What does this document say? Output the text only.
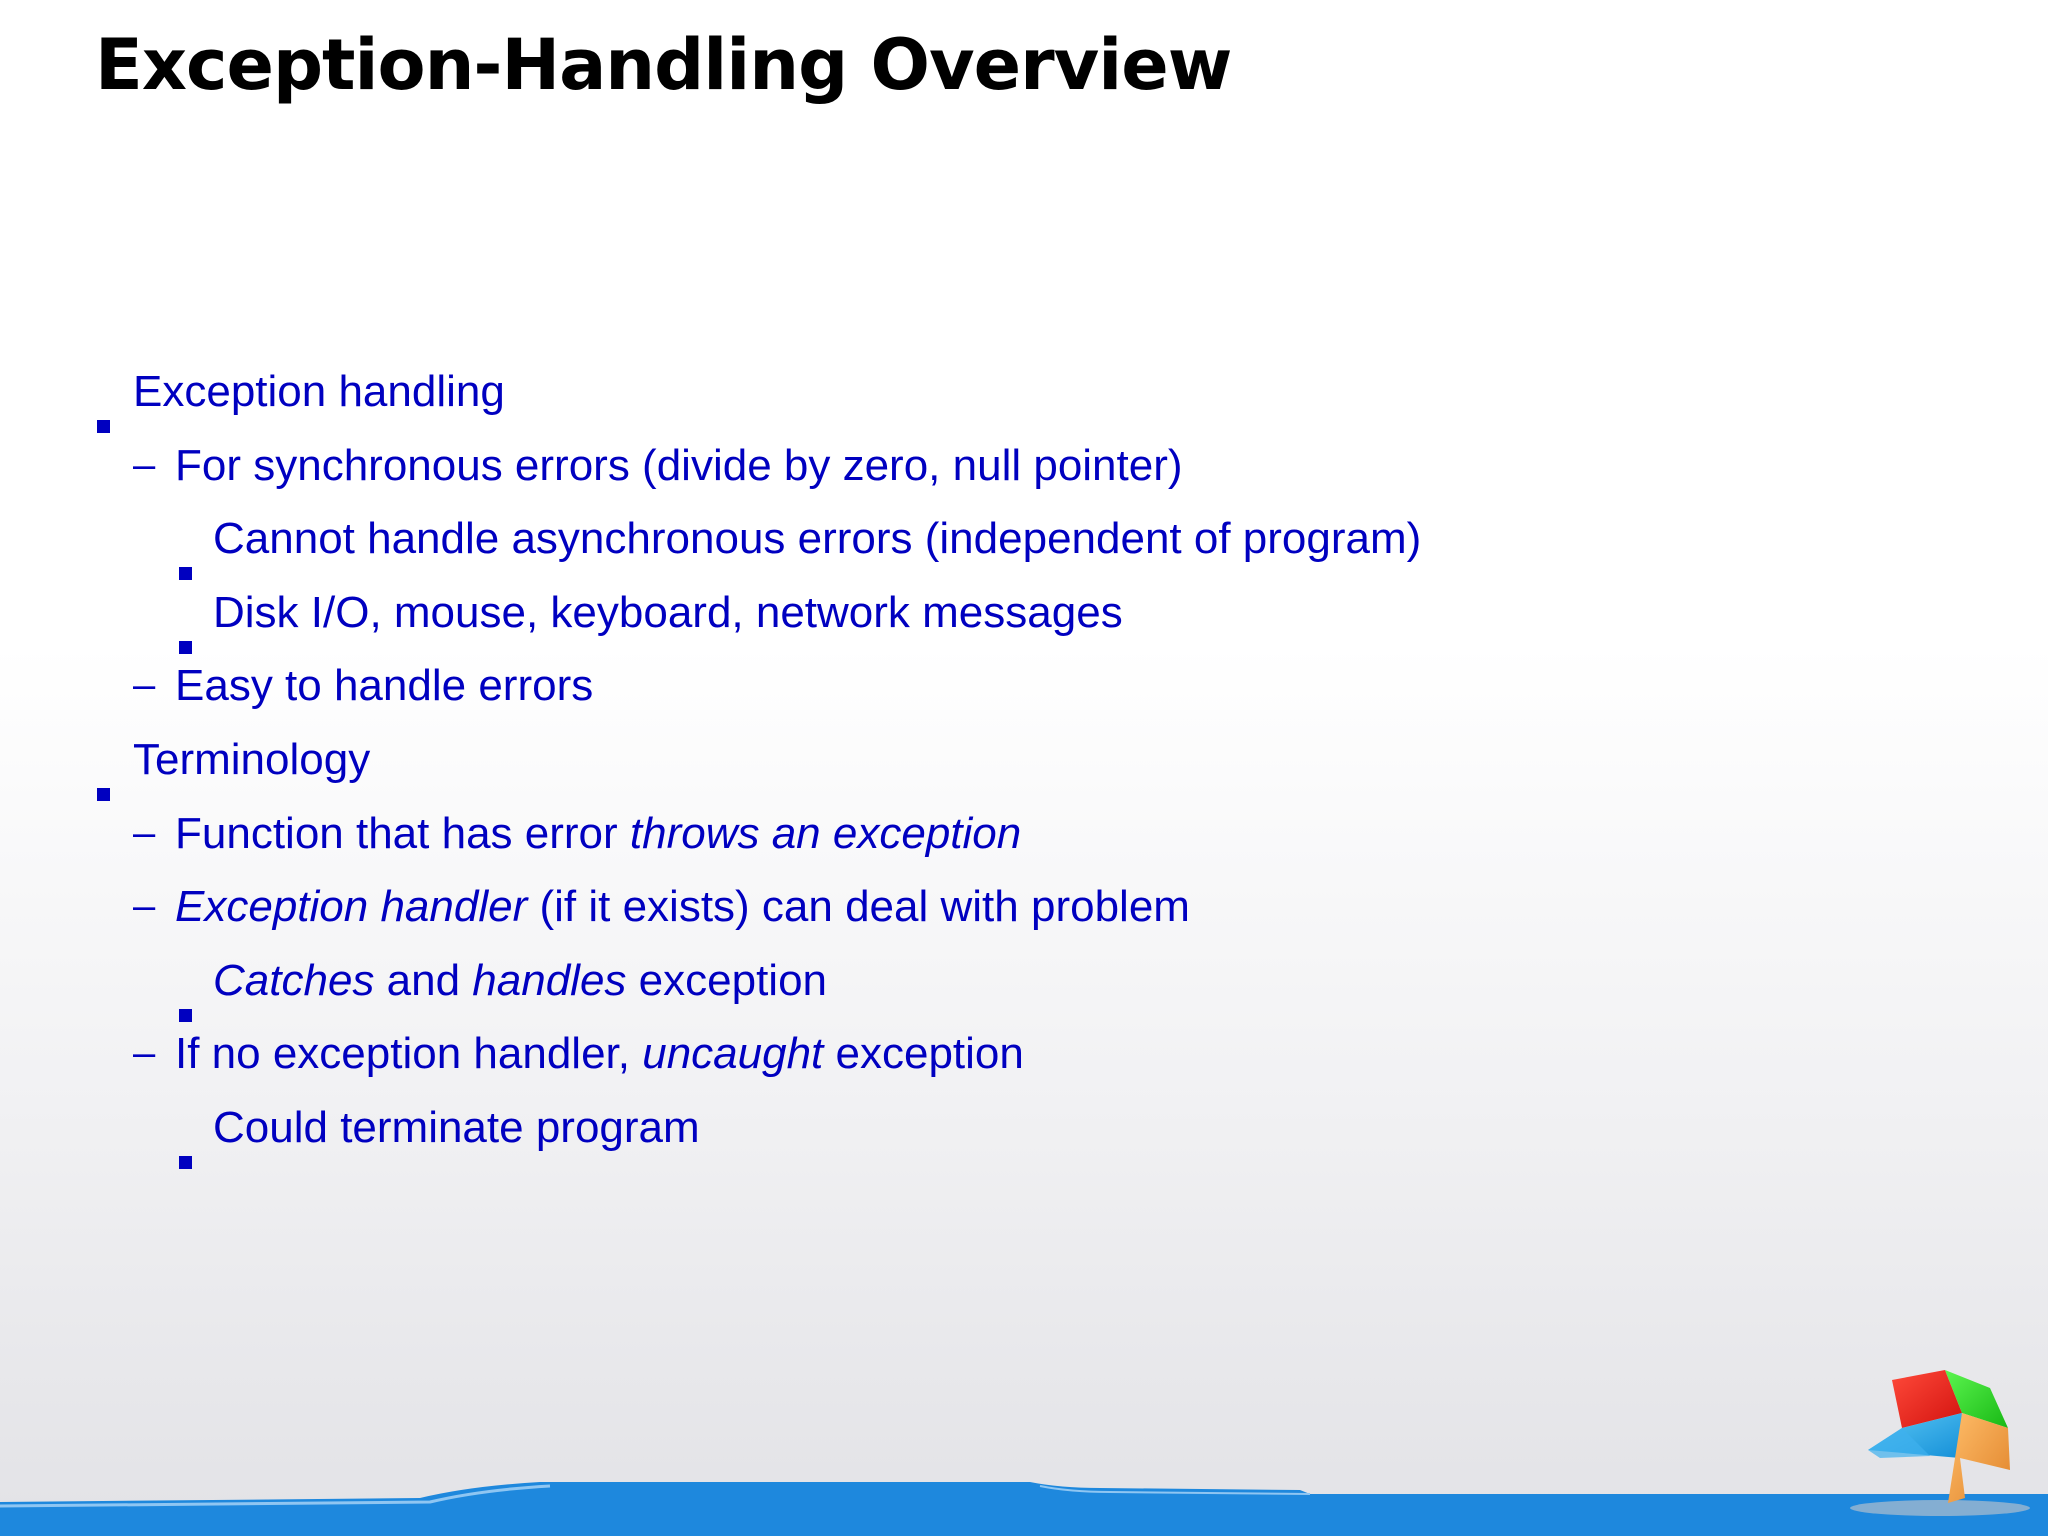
Exception-Handling Overview
Exception handling
– For synchronous errors (divide by zero, null pointer)
Cannot handle asynchronous errors (independent of program)
Disk I/O, mouse, keyboard, network messages
– Easy to handle errors
Terminology
– Function that has error throws an exception
– Exception handler (if it exists) can deal with problem
Catches and handles exception
– If no exception handler, uncaught exception
Could terminate program
